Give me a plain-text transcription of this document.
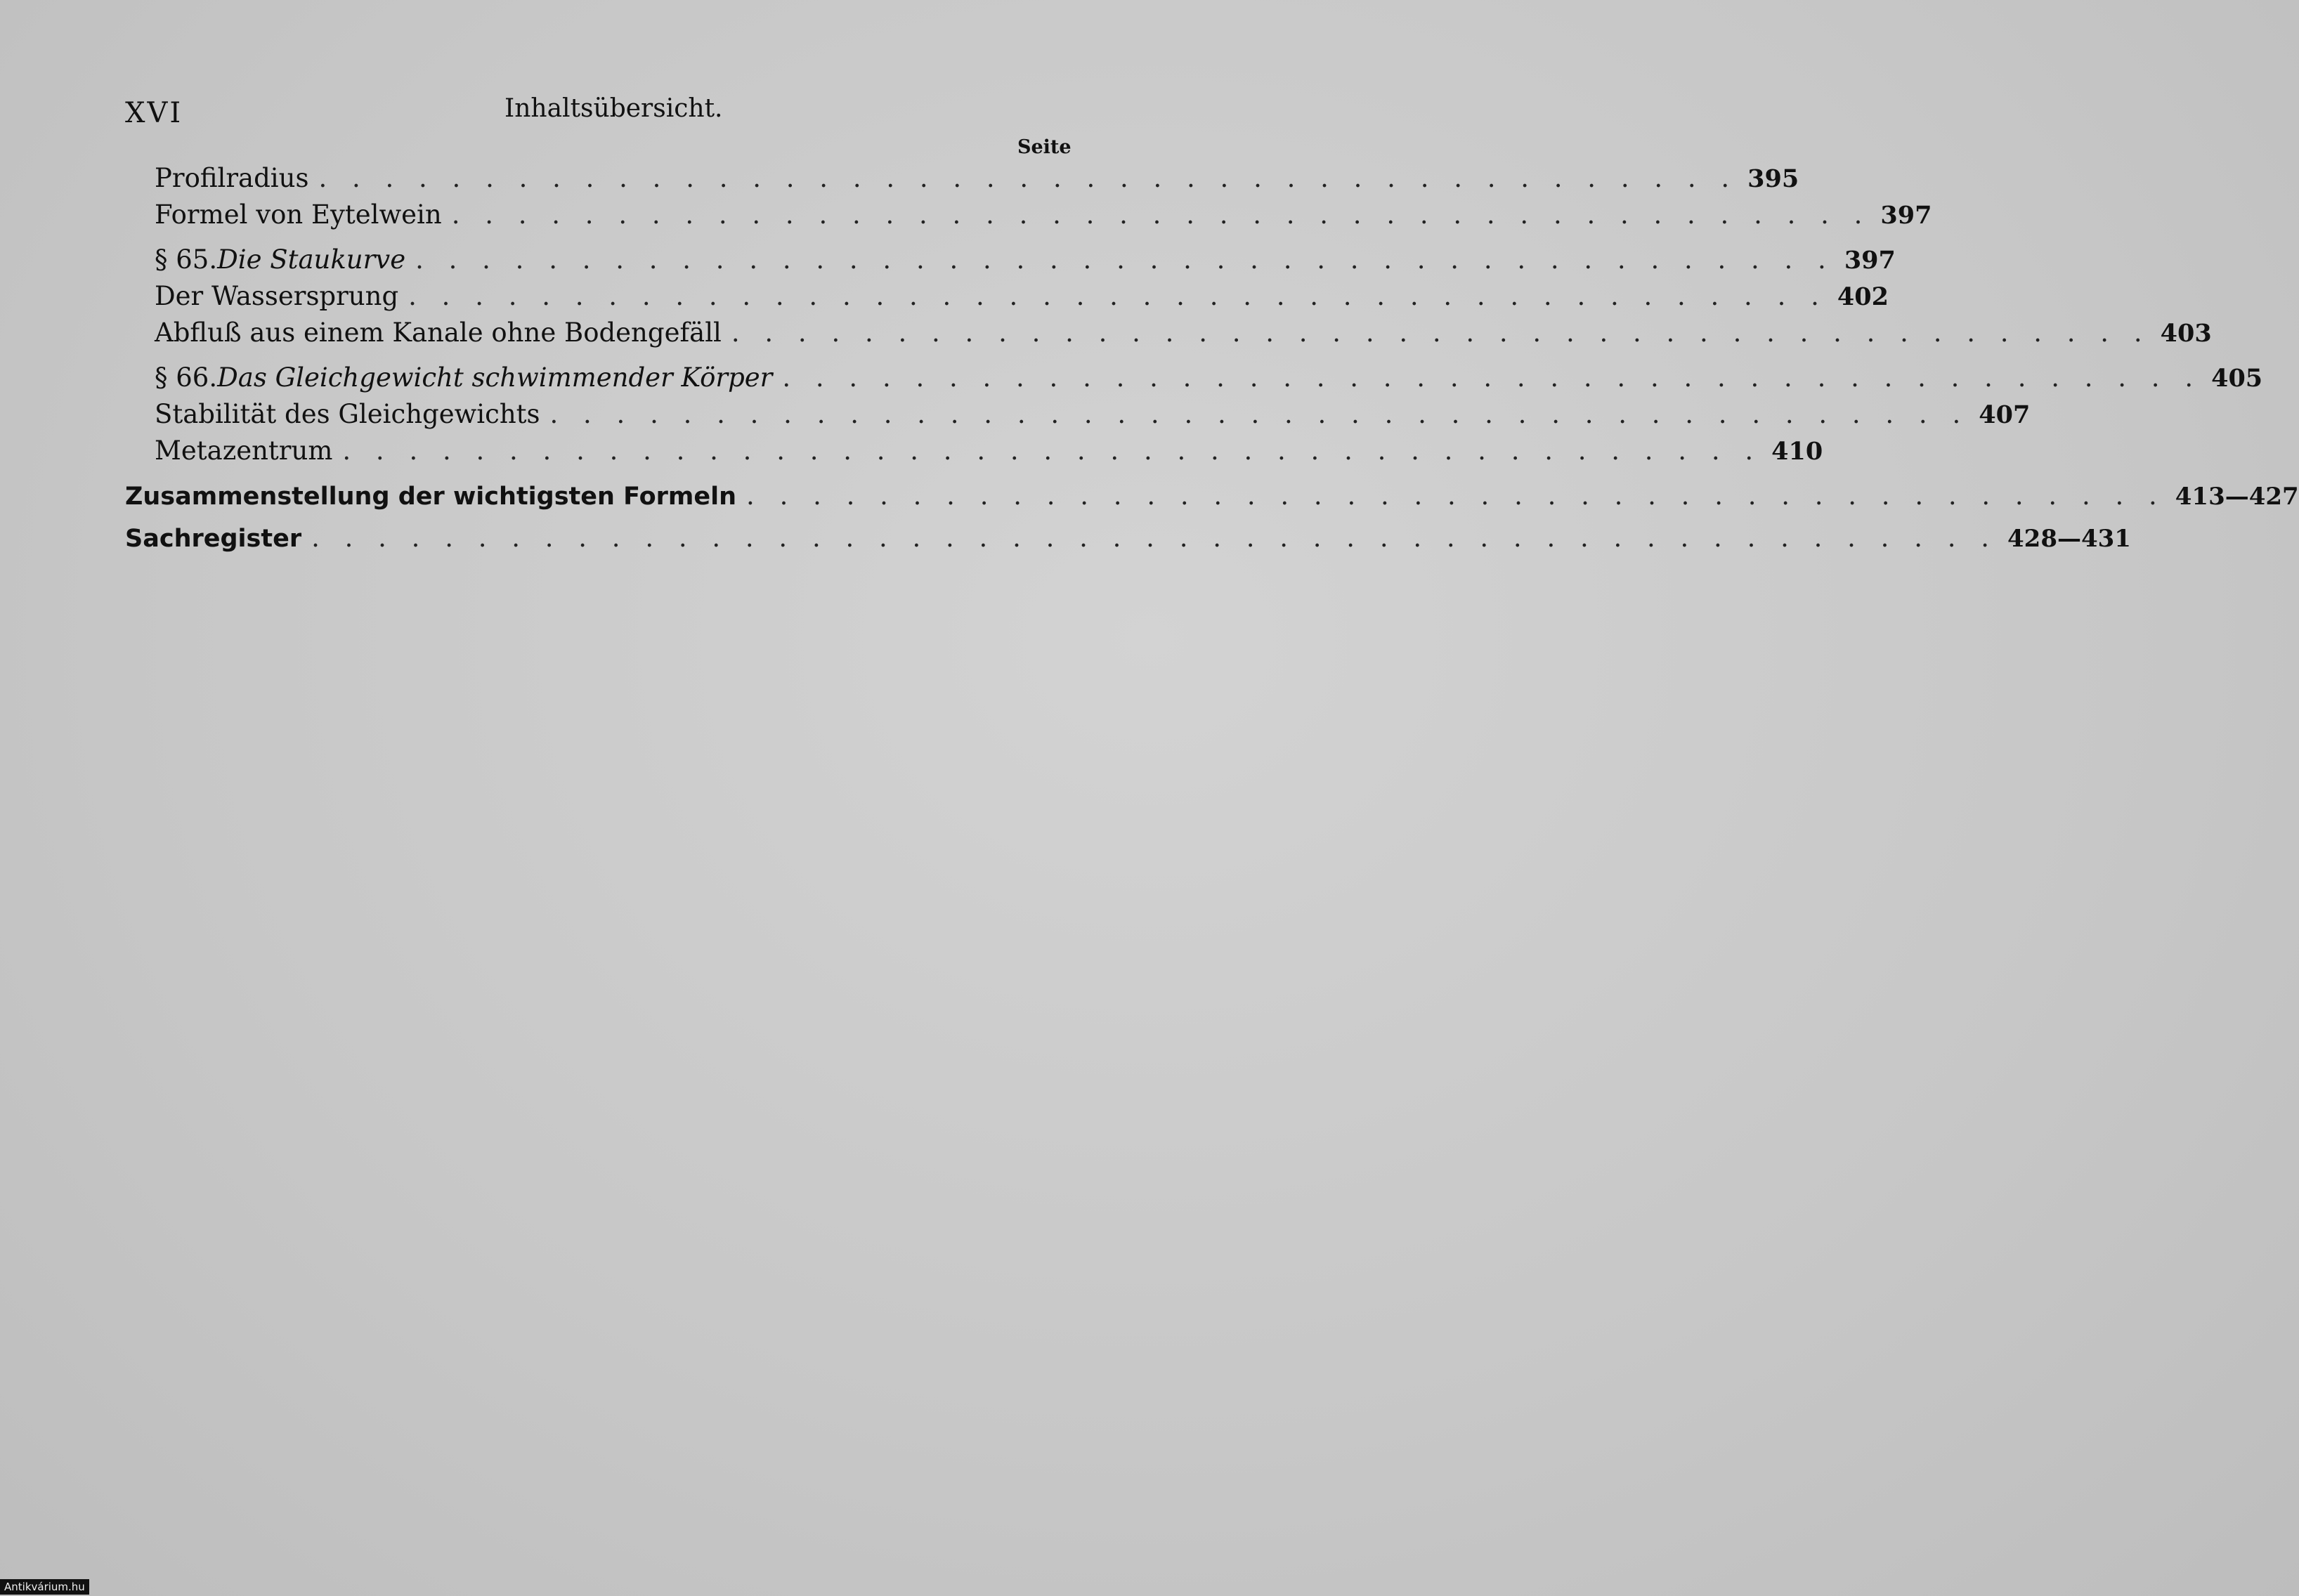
XVI	Inhaltsübersicht.
Seite
Profilradius . . . . . . . . . . . . . . . . . . . . . . . . . . . . . . . . . . . . . . . . . . . 395
Formel von Eytelwein . . . . . . . . . . . . . . . . . . . . . . . . . . . . . . . . . . . . . . . . . . . 397
§ 65. Die Staukurve . . . . . . . . . . . . . . . . . . . . . . . . . . . . . . . . . . . . . . . . . . . 397
Der Wassersprung . . . . . . . . . . . . . . . . . . . . . . . . . . . . . . . . . . . . . . . . . . . 402
Abfluß aus einem Kanale ohne Bodengefäll . . . . . . . . . . . . . . . . . . . . . . . . . . . . . . . . . . . . . . . . . . . 403
§ 66. Das Gleichgewicht schwimmender Körper . . . . . . . . . . . . . . . . . . . . . . . . . . . . . . . . . . . . . . . . . . . 405
Stabilität des Gleichgewichts . . . . . . . . . . . . . . . . . . . . . . . . . . . . . . . . . . . . . . . . . . . 407
Metazentrum . . . . . . . . . . . . . . . . . . . . . . . . . . . . . . . . . . . . . . . . . . . 410
Zusammenstellung der wichtigsten Formeln . . . . . . . . . . . . . . . . . . . . . . . . . . . . . . . . . . . . . . . . . . . 413—427
Sachregister . . . . . . . . . . . . . . . . . . . . . . . . . . . . . . . . . . . . . . . . . . . . . . . . . . . 428—431
Antikvárium.hu
